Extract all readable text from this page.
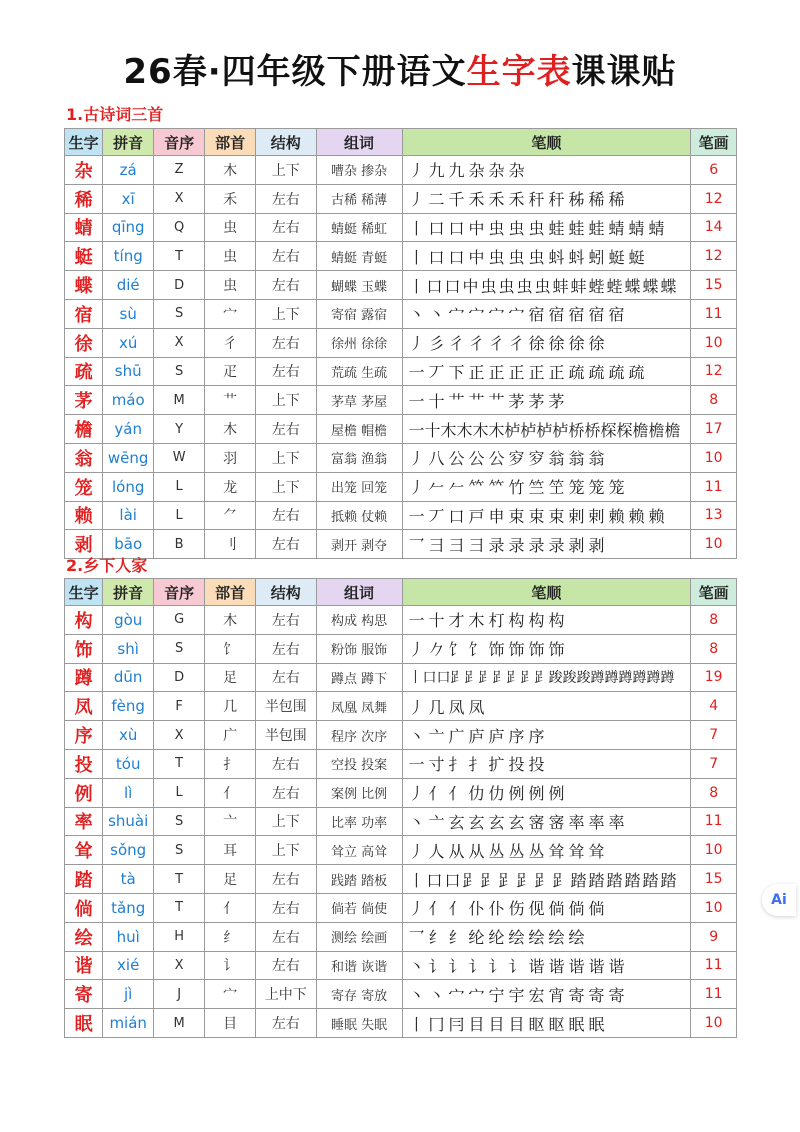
26春·四年级下册语文生字表课课贴
1.古诗词三首
生字	拼音	音序	部首	结构	组词	笔顺	笔画
杂	zá	Z	木	上下	嘈杂 掺杂	丿九九杂杂杂	6
稀	xī	X	禾	左右	古稀 稀薄	丿二千禾禾禾秆秆秭稀稀	12
蜻	qīng	Q	虫	左右	蜻蜓 稀虹	丨口口中虫虫虫蛙蛙蛙蜻蜻蜻	14
蜓	tíng	T	虫	左右	蜻蜓 青蜓	丨口口中虫虫虫蚪蚪蚓蜓蜓	12
蝶	dié	D	虫	左右	蝴蝶 玉蝶	丨口口中虫虫虫虫蚌蚌蜌蜌蝶蝶蝶	15
宿	sù	S	宀	上下	寄宿 露宿	丶丶宀宀宀宀宿宿宿宿宿	11
徐	xú	X	彳	左右	徐州 徐徐	丿彡彳彳彳彳徐徐徐徐	10
疏	shū	S	疋	左右	荒疏 生疏	一丆下正正正正正疏疏疏疏	12
茅	máo	M	艹	上下	茅草 茅屋	一十艹艹艹茅茅茅	8
檐	yán	Y	木	左右	屋檐 帽檐	一十木木木木栌栌栌栌桥桥棎棎檐檐檐	17
翁	wēng	W	羽	上下	富翁 渔翁	丿八公公公穸穸翁翁翁	10
笼	lóng	L	龙	上下	出笼 回笼	丿𠂉𠂉𥫗𥫗竹竺笁笼笼笼	11
赖	lài	L	⺈	左右	抵赖 仗赖	一丆口戸申束束束剌剌赖赖赖	13
剥	bāo	B	刂	左右	剥开 剥夺	乛彐彐彐录录录录剥剥	10
2.乡下人家
生字	拼音	音序	部首	结构	组词	笔顺	笔画
构	gòu	G	木	左右	构成 构思	一十才木朾构构构	8
饰	shì	S	饣	左右	粉饰 服饰	丿𠂊饣饣饰饰饰饰	8
蹲	dūn	D	足	左右	蹲点 蹲下	丨口口𧾷𧾷𧾷𧾷𧾷𧾷𧾷踆踆踆蹲蹲蹲蹲蹲蹲	19
凤	fèng	F	几	半包围	凤凰 凤舞	丿几凤凤	4
序	xù	X	广	半包围	程序 次序	丶亠广庐庐序序	7
投	tóu	T	扌	左右	空投 投案	一寸扌扌扩投投	7
例	lì	L	亻	左右	案例 比例	丿亻亻仂仂例例例	8
率	shuài	S	亠	上下	比率 功率	丶亠玄玄玄玄宻宻率率率	11
耸	sǒng	S	耳	上下	耸立 高耸	丿人从从丛丛丛耸耸耸	10
踏	tà	T	足	左右	践踏 踏板	丨口口𧾷𧾷𧾷𧾷𧾷𧾷踏踏踏踏踏踏	15
倘	tǎng	T	亻	左右	倘若 倘使	丿亻亻仆仆伤伣倘倘倘	10
绘	huì	H	纟	左右	测绘 绘画	乛纟纟纶纶绘绘绘绘	9
谐	xié	X	讠	左右	和谐 诙谐	丶讠讠讠讠讠谐谐谐谐谐	11
寄	jì	J	宀	上中下	寄存 寄放	丶丶宀宀宁宇宏宵寄寄寄	11
眠	mián	M	目	左右	睡眠 失眠	丨冂冃目目目眍眍眠眠	10
Ai
